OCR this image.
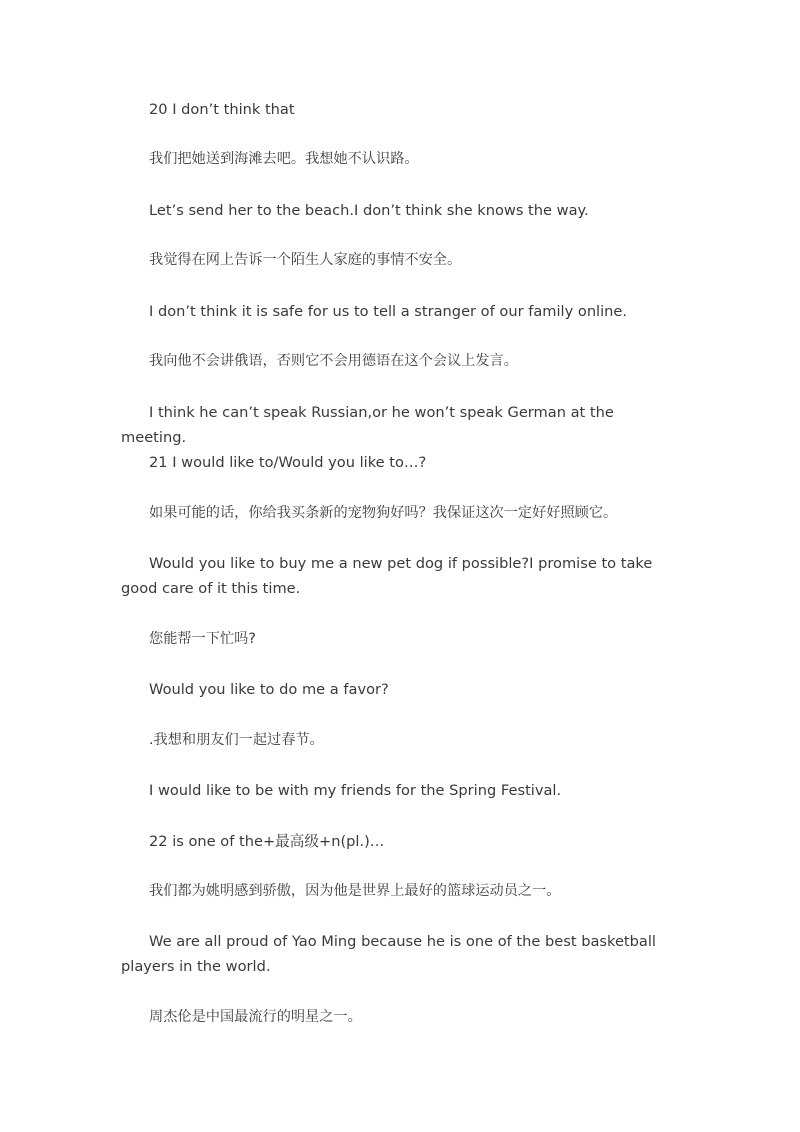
20 I don’t think that

我们把她送到海滩去吧。我想她不认识路。

Let’s send her to the beach.I don’t think she knows the way.

我觉得在网上告诉一个陌生人家庭的事情不安全。

I don’t think it is safe for us to tell a stranger of our family online.

我向他不会讲俄语，否则它不会用德语在这个会议上发言。

I think he can’t speak Russian,or he won’t speak German at the meeting.

21 I would like to/Would you like to…?

如果可能的话，你给我买条新的宠物狗好吗？我保证这次一定好好照顾它。

Would you like to buy me a new pet dog if possible?I promise to take good care of it this time.

您能帮一下忙吗?

Would you like to do me a favor?

.我想和朋友们一起过春节。

I would like to be with my friends for the Spring Festival.

22 is one of the+最高级+n(pl.)…

我们都为姚明感到骄傲，因为他是世界上最好的篮球运动员之一。

We are all proud of Yao Ming because he is one of the best basketball players in the world.

周杰伦是中国最流行的明星之一。
